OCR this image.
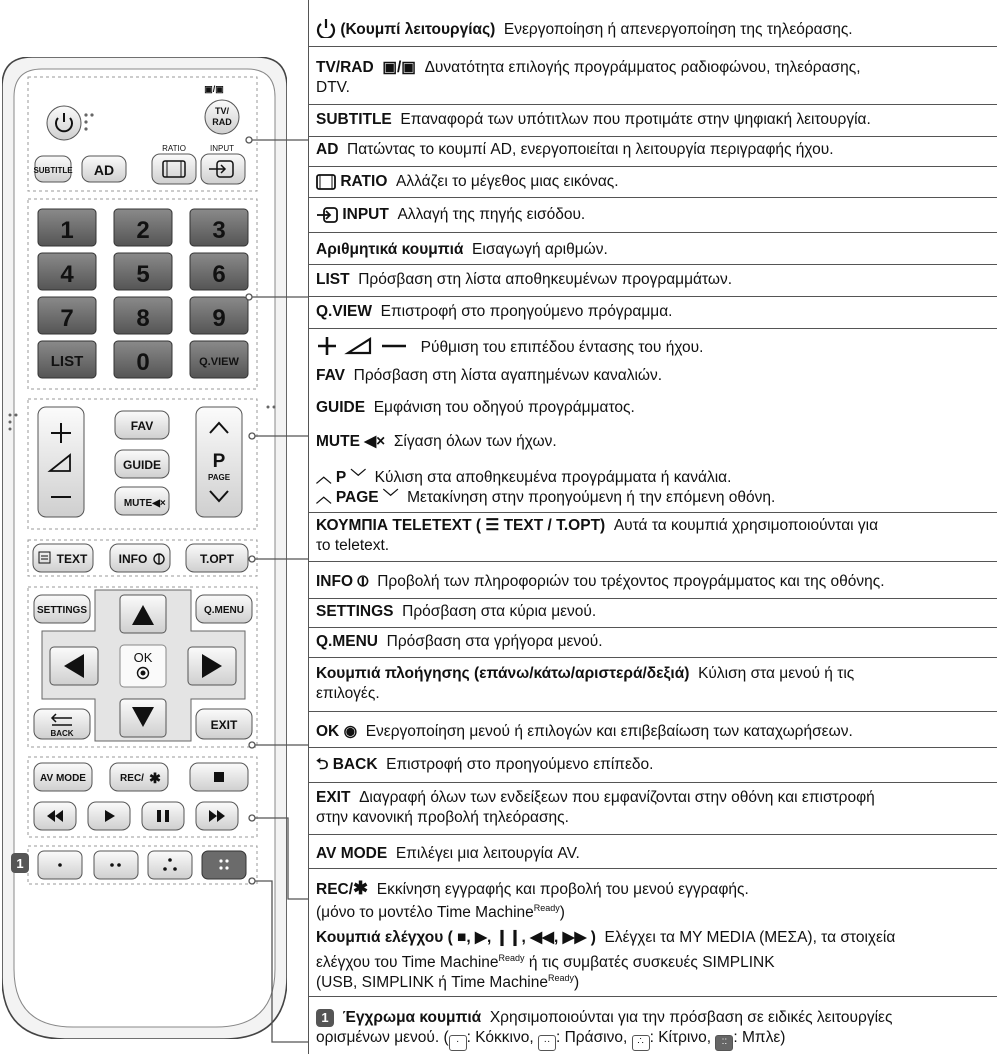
▣/▣
TV/
RAD
RATIO	INPUT
SUBTITLE AD
1	2	3
4	5	6
7	8	9
LIST 0	Q.VIEW
FAV
GUIDE
MUTE ◀×
P
PAGE
TEXT	INFO	T.OPT
OK
SETTINGS	Q.MENU
BACK
EXIT
AV MODE	REC/ ✱
1
(Κουμπί λειτουργίας) Ενεργοποίηση ή απενεργοποίηση της τηλεόρασης.
TV/RAD ▣/▣ Δυνατότητα επιλογής προγράμματος ραδιοφώνου, τηλεόρασης,
DTV.
SUBTITLE Επαναφορά των υπότιτλων που προτιμάτε στην ψηφιακή λειτουργία.
AD Πατώντας το κουμπί AD, ενεργοποιείται η λειτουργία περιγραφής ήχου.
RATIO Αλλάζει το μέγεθος μιας εικόνας.
INPUT Αλλαγή της πηγής εισόδου.
Αριθμητικά κουμπιά Εισαγωγή αριθμών.
LIST Πρόσβαση στη λίστα αποθηκευμένων προγραμμάτων.
Q.VIEW Επιστροφή στο προηγούμενο πρόγραμμα.
Ρύθμιση του επιπέδου έντασης του ήχου.
FAV Πρόσβαση στη λίστα αγαπημένων καναλιών.
GUIDE Εμφάνιση του οδηγού προγράμματος.
MUTE ◀× Σίγαση όλων των ήχων.
︿ P ﹀ Κύλιση στα αποθηκευμένα προγράμματα ή κανάλια.
︿ PAGE ﹀ Μετακίνηση στην προηγούμενη ή την επόμενη οθόνη.
ΚΟΥΜΠΙΑ TELETEXT ( ☰ TEXT / T.OPT) Αυτά τα κουμπιά χρησιμοποιούνται για
το teletext.
INFO ⦶ Προβολή των πληροφοριών του τρέχοντος προγράμματος και της οθόνης.
SETTINGS Πρόσβαση στα κύρια μενού.
Q.MENU Πρόσβαση στα γρήγορα μενού.
Κουμπιά πλοήγησης (επάνω/κάτω/αριστερά/δεξιά) Κύλιση στα μενού ή τις
επιλογές.
OK ◉ Ενεργοποίηση μενού ή επιλογών και επιβεβαίωση των καταχωρήσεων.
⮌ BACK Επιστροφή στο προηγούμενο επίπεδο.
EXIT Διαγραφή όλων των ενδείξεων που εμφανίζονται στην οθόνη και επιστροφή
στην κανονική προβολή τηλεόρασης.
AV MODE Επιλέγει μια λειτουργία AV.
REC/✱ Εκκίνηση εγγραφής και προβολή του μενού εγγραφής.
(μόνο το μοντέλο Time Machine$^{Ready}$)
Κουμπιά ελέγχου ( ■, ▶, ❙❙, ◀◀, ▶▶ ) Ελέγχει τα MY MEDIA (ΜΕΣΑ), τα στοιχεία
ελέγχου του Time Machine$^{Ready}$ ή τις συμβατές συσκευές SIMPLINK
(USB, SIMPLINK ή Time Machine$^{Ready}$)
1 Έγχρωμα κουμπιά Χρησιμοποιούνται για την πρόσβαση σε ειδικές λειτουργίες
ορισμένων μενού. ( · : Κόκκινο, ·· : Πράσινο, ∴ : Κίτρινο, :: : Μπλε)
